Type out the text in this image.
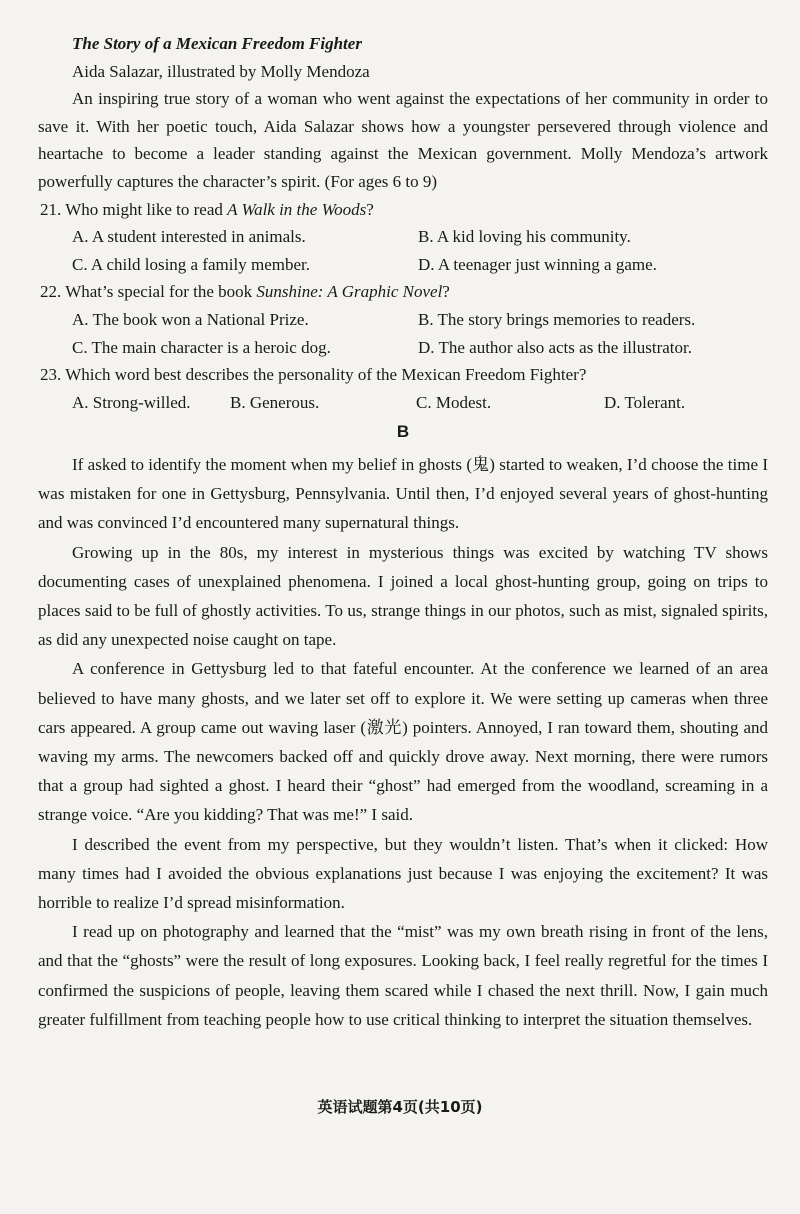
The Story of a Mexican Freedom Fighter
Aida Salazar, illustrated by Molly Mendoza

An inspiring true story of a woman who went against the expectations of her community in order to save it. With her poetic touch, Aida Salazar shows how a youngster persevered through violence and heartache to become a leader standing against the Mexican government. Molly Mendoza’s artwork powerfully captures the character’s spirit. (For ages 6 to 9)

21. Who might like to read A Walk in the Woods?
A. A student interested in animals.	B. A kid loving his community.
C. A child losing a family member.	D. A teenager just winning a game.
22. What’s special for the book Sunshine: A Graphic Novel?
A. The book won a National Prize.	B. The story brings memories to readers.
C. The main character is a heroic dog.	D. The author also acts as the illustrator.
23. Which word best describes the personality of the Mexican Freedom Fighter?
A. Strong-willed.	B. Generous.	C. Modest.	D. Tolerant.
B

If asked to identify the moment when my belief in ghosts (鬼) started to weaken, I’d choose the time I was mistaken for one in Gettysburg, Pennsylvania. Until then, I’d enjoyed several years of ghost-hunting and was convinced I’d encountered many supernatural things.

Growing up in the 80s, my interest in mysterious things was excited by watching TV shows documenting cases of unexplained phenomena. I joined a local ghost-hunting group, going on trips to places said to be full of ghostly activities. To us, strange things in our photos, such as mist, signaled spirits, as did any unexpected noise caught on tape.

A conference in Gettysburg led to that fateful encounter. At the conference we learned of an area believed to have many ghosts, and we later set off to explore it. We were setting up cameras when three cars appeared. A group came out waving laser (激光) pointers. Annoyed, I ran toward them, shouting and waving my arms. The newcomers backed off and quickly drove away. Next morning, there were rumors that a group had sighted a ghost. I heard their “ghost” had emerged from the woodland, screaming in a strange voice. “Are you kidding? That was me!” I said.

I described the event from my perspective, but they wouldn’t listen. That’s when it clicked: How many times had I avoided the obvious explanations just because I was enjoying the excitement? It was horrible to realize I’d spread misinformation.

I read up on photography and learned that the “mist” was my own breath rising in front of the lens, and that the “ghosts” were the result of long exposures. Looking back, I feel really regretful for the times I confirmed the suspicions of people, leaving them scared while I chased the next thrill. Now, I gain much greater fulfillment from teaching people how to use critical thinking to interpret the situation themselves.

英语试题第4页(共10页)
